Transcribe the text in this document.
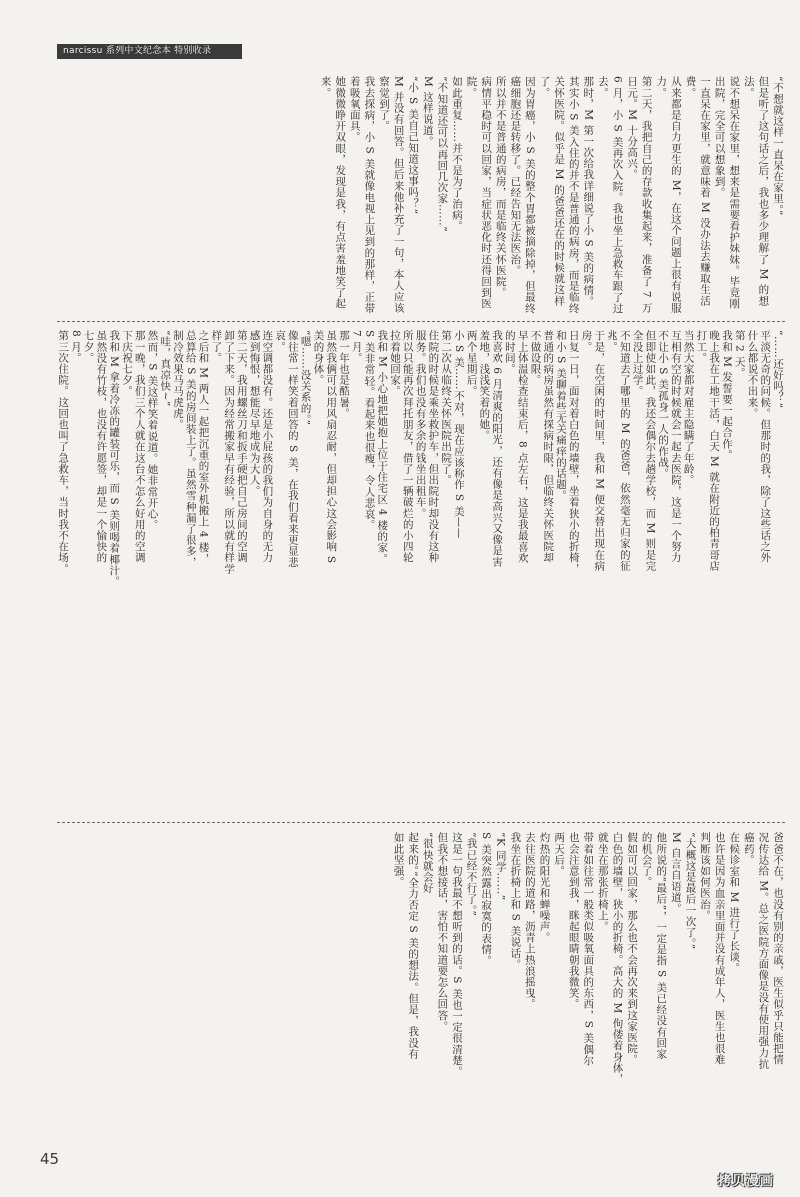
narcissu 系列中文纪念本 特别收录
“不想就这样一直呆在家里。”
但是听了这句话之后，我也多少理解了 M 的想法。
说不想呆在家里，想来是需要看护妹妹。毕竟刚
出院，完全可以想象到。
一直呆在家里，就意味着 M 没办法去赚取生活费。
从来都是自力更生的 M，在这个问题上很有说服
力。
第二天，我把自己的存款收集起来，准备了 7 万
日元。M 十分高兴。
6 月，小 S 美再次入院。我也坐上急救车跟了过去。
那时，M 第一次给我详细说了小 S 美的病情。
其实小 S 美入住的并不是普通的病房，而是临终
关怀医院。似乎是 M 的爸爸还在的时候就这样了。
因为胃癌，小 S 美的整个胃都被摘除掉，但最终
癌细胞还是转移了。已经告知无法医治。
所以并不是普通的病房，而是临终关怀医院。
病情平稳时可以回家，当症状恶化时还得回到医
院。
如此重复……并不是为了治病。
“不知道还可以再回几次家……”
M 这样说道。
“小 S 美自己知道这事吗？”
M 并没有回答。但后来他补充了一句，本人应该
察觉到了。
我去探病，小 S 美就像电视上见到的那样，正带
着吸氧面具。
她微微睁开双眼，发现是我，有点害羞地笑了起
来。
“……还好吗？”
平淡无奇的问候。但那时的我，除了这些话之外
什么都说不出来。
第 2 天。
我和 M 发誓要一起合作。
晚上我在工地干活，白天 M 就在附近的柏青哥店
打工。
当然大家都对雇主隐瞒了年龄。
互相有空的时候就会一起去医院，这是一个努力
不让小 S 美孤身一人的作战。
但即使如此，我还会偶尔去趟学校，而 M 则是完
全没上过学。
不知道去了哪里的 M 的爸爸，依然毫无归家的征
兆。
于是，在空闲的时间里，我和 M 便交替出现在病
房。
日复一日，面对着白色的墙壁，坐着狭小的折椅，
和小 S 美聊着些无关痛痒的话题。
普通的病房虽然有探病时限，但临终关怀医院却
不做设限。
早上体温检查结束后，8 点左右，这是我最喜欢
的时间。
我喜欢 6 月清爽的阳光，还有像是高兴又像是害
羞地，浅浅笑着的她。
两个星期后。
小 S 美……不对，现在应该称作 S 美——
第二次从临终关怀医院出院了。
住院的时候是乘坐救护车，但出院时却没有这种
服务。我们也没有多余的钱坐出租车。
所以只能再次拜托朋友，借了一辆破烂的小四轮
拉着她回家。
我和 M 小心地把她抱上位于住宅区 4 楼的家。
S 美非常轻。看起来也很瘦，令人悲哀。
7 月。
那一年也是酷暑。
虽然我俩可以用风扇忍耐，但却担心这会影响 S
美的身体。
“嗯……没关系的。”
像往常一样笑着回答的 S 美，在我们看来更显悲
哀。
连空调都没有。还是小屁孩的我们为自身的无力
感到悔恨，想能尽早地成为大人。
第二天，我用螺丝刀和扳手硬把自己房间的空调
卸了下来。因为经常搬家早有经验，所以就有样学
样了。
之后和 M 两人一起把沉重的室外机搬上 4 楼，
总算给 S 美的房间装上了。虽然雪种漏了很多，
制冷效果马马虎虎。
“哇，真凉快~”
然而，S 美这样笑着说道。她非常开心。
那一晚，我们三个人就在这台不怎么好用的空调
下庆祝七夕。
我和 M 拿着冷冻的罐装可乐，而 S 美则喝着椰汁。
虽然没有竹枝，也没有许愿签，却是一个愉快的
七夕。
8 月。
第三次住院。这回也叫了急救车，当时我不在场。
爸爸不在，也没有别的亲戚，医生似乎只能把情
况传达给 M。总之医院方面像是没有使用强力抗
癌药。
在候诊室和 M 进行了长谈。
也许是因为血亲里面并没有成年人，医生也很难
判断该如何医治。
“大概这是最后一次了。”
M 自言自语道。
他所说的“最后”，一定是指 S 美已经没有回家
的机会了。
假如可以回家，那么也不会再次来到这家医院。
白色的墙壁，狭小的折椅。高大的 M 佝偻着身体，
就坐在那张折椅上。
带着如往常一般类似吸氧面具的东西，S 美偶尔
也会注意到我，眯起眼睛朝我微笑。
两天后。
灼热的阳光和蝉噪声。
去往医院的道路，沥青上热浪摇曳。
我坐在折椅上和 S 美说话。
“K 同学……”
S 美突然露出寂寞的表情。
“我已经不行了。”
这是一句我最不想听到的话。S 美也一定很清楚。
但我不想接话，害怕不知道要怎么回答。
“很快就会好
起来的。”全力否定 S 美的想法。但是，我没有
如此坚强。
45
拷贝漫画
